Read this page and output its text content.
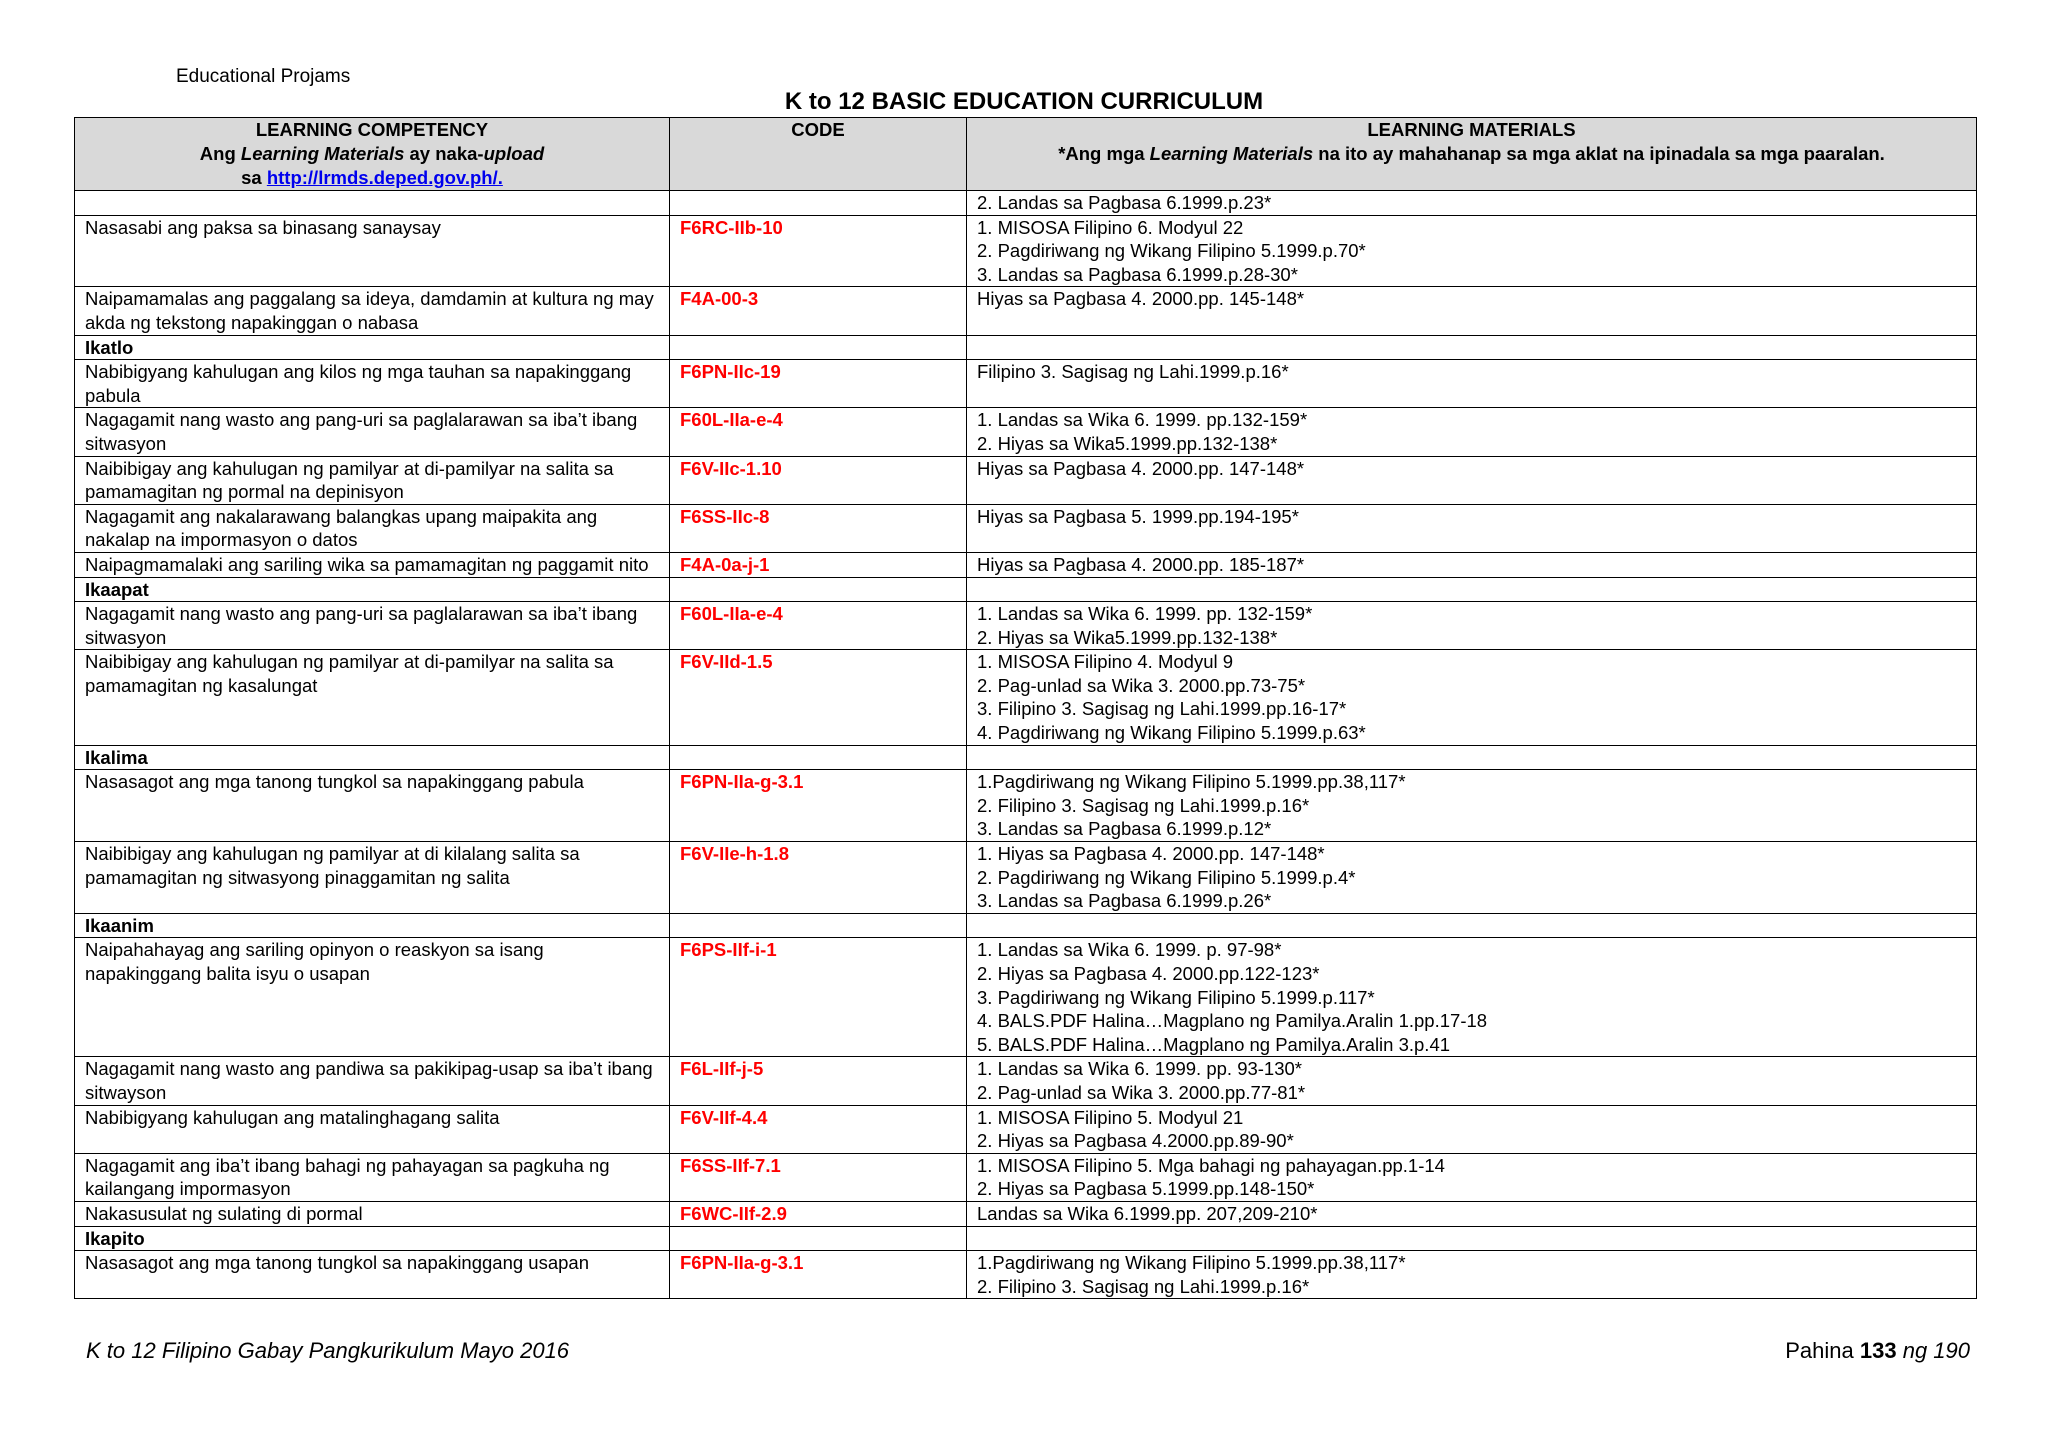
Educational Projams
K to 12 BASIC EDUCATION CURRICULUM
LEARNING COMPETENCY
Ang Learning Materials ay naka-upload
sa http://lrmds.deped.gov.ph/.	CODE	LEARNING MATERIALS
*Ang mga Learning Materials na ito ay mahahanap sa mga aklat na ipinadala sa mga paaralan.

		2. Landas sa Pagbasa 6.1999.p.23*

Nasasabi ang paksa sa binasang sanaysay	F6RC-IIb-10	1. MISOSA Filipino 6. Modyul 22
2. Pagdiriwang ng Wikang Filipino 5.1999.p.70*
3. Landas sa Pagbasa 6.1999.p.28-30*

Naipamamalas ang paggalang sa ideya, damdamin at kultura ng may akda ng tekstong napakinggan o nabasa	F4A-00-3	Hiyas sa Pagbasa 4. 2000.pp. 145-148*

Ikatlo		
Nabibigyang kahulugan ang kilos ng mga tauhan sa napakinggang pabula	F6PN-IIc-19	Filipino 3. Sagisag ng Lahi.1999.p.16*

Nagagamit nang wasto ang pang-uri sa paglalarawan sa iba’t ibang sitwasyon	F60L-IIa-e-4	1. Landas sa Wika 6. 1999. pp.132-159*
2. Hiyas sa Wika5.1999.pp.132-138*

Naibibigay ang kahulugan ng pamilyar at di-pamilyar na salita sa pamamagitan ng pormal na depinisyon	F6V-IIc-1.10	Hiyas sa Pagbasa 4. 2000.pp. 147-148*

Nagagamit ang nakalarawang balangkas upang maipakita ang nakalap na impormasyon o datos	F6SS-IIc-8	Hiyas sa Pagbasa 5. 1999.pp.194-195*

Naipagmamalaki ang sariling wika sa pamamagitan ng paggamit nito	F4A-0a-j-1	Hiyas sa Pagbasa 4. 2000.pp. 185-187*

Ikaapat		
Nagagamit nang wasto ang pang-uri sa paglalarawan sa iba’t ibang sitwasyon	F60L-IIa-e-4	1. Landas sa Wika 6. 1999. pp. 132-159*
2. Hiyas sa Wika5.1999.pp.132-138*

Naibibigay ang kahulugan ng pamilyar at di-pamilyar na salita sa pamamagitan ng kasalungat	F6V-IId-1.5	1. MISOSA Filipino 4. Modyul 9
2. Pag-unlad sa Wika 3. 2000.pp.73-75*
3. Filipino 3. Sagisag ng Lahi.1999.pp.16-17*
4. Pagdiriwang ng Wikang Filipino 5.1999.p.63*

Ikalima		
Nasasagot ang mga tanong tungkol sa napakinggang pabula	F6PN-IIa-g-3.1	1.Pagdiriwang ng Wikang Filipino 5.1999.pp.38,117*
2. Filipino 3. Sagisag ng Lahi.1999.p.16*
3. Landas sa Pagbasa 6.1999.p.12*

Naibibigay ang kahulugan ng pamilyar at di kilalang salita sa pamamagitan ng sitwasyong pinaggamitan ng salita	F6V-IIe-h-1.8	1. Hiyas sa Pagbasa 4. 2000.pp. 147-148*
2. Pagdiriwang ng Wikang Filipino 5.1999.p.4*
3. Landas sa Pagbasa 6.1999.p.26*

Ikaanim		
Naipahahayag ang sariling opinyon o reaskyon sa isang napakinggang balita isyu o usapan	F6PS-IIf-i-1	1. Landas sa Wika 6. 1999. p. 97-98*
2. Hiyas sa Pagbasa 4. 2000.pp.122-123*
3. Pagdiriwang ng Wikang Filipino 5.1999.p.117*
4. BALS.PDF Halina…Magplano ng Pamilya.Aralin 1.pp.17-18
5. BALS.PDF Halina…Magplano ng Pamilya.Aralin 3.p.41

Nagagamit nang wasto ang pandiwa sa pakikipag-usap sa iba’t ibang sitwayson	F6L-IIf-j-5	1. Landas sa Wika 6. 1999. pp. 93-130*
2. Pag-unlad sa Wika 3. 2000.pp.77-81*

Nabibigyang kahulugan ang matalinghagang salita	F6V-IIf-4.4	1. MISOSA Filipino 5. Modyul 21
2. Hiyas sa Pagbasa 4.2000.pp.89-90*

Nagagamit ang iba’t ibang bahagi ng pahayagan sa pagkuha ng kailangang impormasyon	F6SS-IIf-7.1	1. MISOSA Filipino 5. Mga bahagi ng pahayagan.pp.1-14
2. Hiyas sa Pagbasa 5.1999.pp.148-150*

Nakasusulat ng sulating di pormal	F6WC-IIf-2.9	Landas sa Wika 6.1999.pp. 207,209-210*

Ikapito		
Nasasagot ang mga tanong tungkol sa napakinggang usapan	F6PN-IIa-g-3.1	1.Pagdiriwang ng Wikang Filipino 5.1999.pp.38,117*
2. Filipino 3. Sagisag ng Lahi.1999.p.16*
K to 12 Filipino Gabay Pangkurikulum Mayo 2016	Pahina 133 ng 190
